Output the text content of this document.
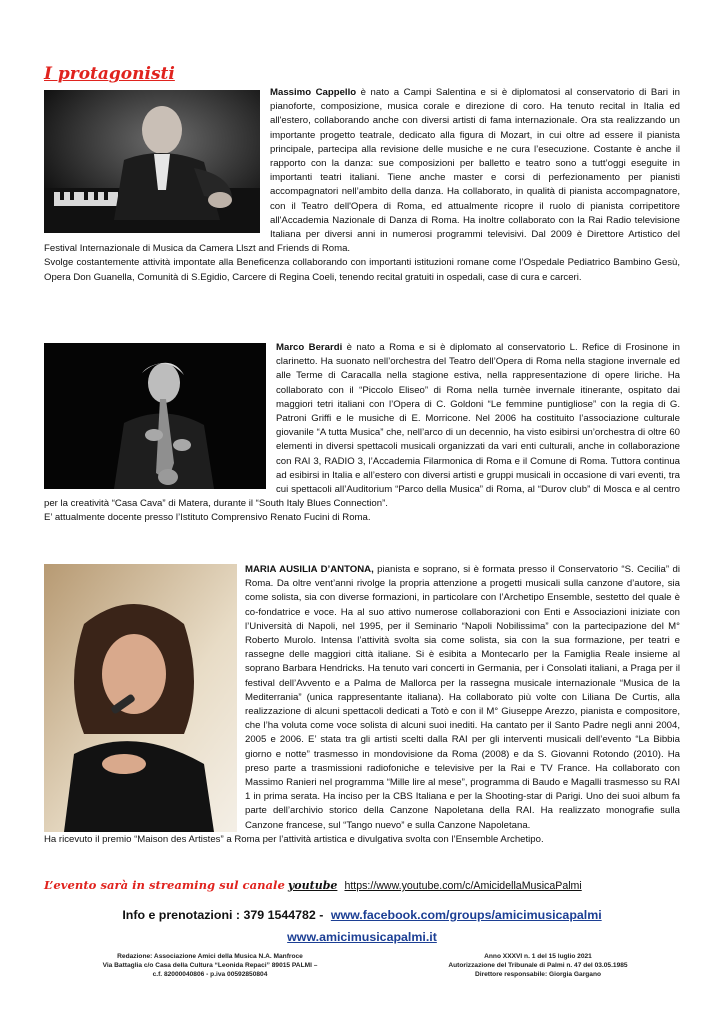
I protagonisti

Massimo Cappello è nato a Campi Salentina e si è diplomatosi al conservatorio di Bari in pianoforte, composizione, musica corale e direzione di coro. Ha tenuto recital in Italia ed all'estero, collaborando anche con diversi artisti di fama internazionale. Ora sta realizzando un importante progetto teatrale, dedicato alla figura di Mozart, in cui oltre ad essere il pianista principale, partecipa alla revisione delle musiche e ne cura l’esecuzione. Costante è anche il rapporto con la danza: sue composizioni per balletto e teatro sono a tutt’oggi eseguite in importanti teatri italiani. Tiene anche master e corsi di perfezionamento per pianisti accompagnatori nell’ambito della danza. Ha collaborato, in qualità di pianista accompagnatore, con il Teatro dell'Opera di Roma, ed attualmente ricopre il ruolo di pianista corripetitore all'Accademia Nazionale di Danza di Roma. Ha inoltre collaborato con la Rai Radio televisione Italiana per diversi anni in numerosi programmi televisivi. Dal 2009 è Direttore Artistico del Festival Internazionale di Musica da Camera Llszt and Friends di Roma.

Svolge costantemente attività impontate alla Beneficenza collaborando con importanti istituzioni romane come l’Ospedale Pediatrico Bambino Gesù, Opera Don Guanella, Comunità di S.Egidio, Carcere di Regina Coeli, tenendo recital gratuiti in ospedali, case di cura e carceri.

Marco Berardi è nato a Roma e si è diplomato al conservatorio L. Refice di Frosinone in clarinetto. Ha suonato nell’orchestra del Teatro dell’Opera di Roma nella stagione invernale ed alle Terme di Caracalla nella stagione estiva, nella rappresentazione di opere liriche. Ha collaborato con il “Piccolo Eliseo” di Roma nella turnèe invernale itinerante, ospitato dai maggiori tetri italiani con l’Opera di C. Goldoni “Le femmine puntigliose” con la regia di G. Patroni Griffi e le musiche di E. Morricone. Nel 2006 ha costituito l’associazione culturale giovanile “A tutta Musica” che, nell’arco di un decennio, ha visto esibirsi un’orchestra di oltre 60 elementi in diversi spettacoli musicali organizzati da vari enti culturali, anche in collaborazione con RAI 3, RADIO 3, l’Accademia Filarmonica di Roma e il Comune di Roma. Tuttora continua ad esibirsi in Italia e all’estero con diversi artisti e gruppi musicali in occasione di vari eventi, tra cui spettacoli all’Auditorium “Parco della Musica” di Roma, al “Durov club” di Mosca e al centro per la creatività “Casa Cava” di Matera, durante il “South Italy Blues Connection”.

E’ attualmente docente presso l’Istituto Comprensivo Renato Fucini di Roma.

MARIA AUSILIA D’ANTONA, pianista e soprano, si è formata presso il Conservatorio “S. Cecilia” di Roma. Da oltre vent’anni rivolge la propria attenzione a progetti musicali sulla canzone d’autore, sia come solista, sia con diverse formazioni, in particolare con l’Archetipo Ensemble, sestetto del quale è co-fondatrice e voce. Ha al suo attivo numerose collaborazioni con Enti e Associazioni iniziate con l’Università di Napoli, nel 1995, per il Seminario “Napoli Nobilissima” con la partecipazione del M° Roberto Murolo. Intensa l’attività svolta sia come solista, sia con la sua formazione, per teatri e rassegne delle maggiori città italiane. Si è esibita a Montecarlo per la Famiglia Reale insieme al soprano Barbara Hendricks. Ha tenuto vari concerti in Germania, per i Consolati italiani, a Praga per il festival dell’Avvento e a Palma de Mallorca per la rassegna musicale internazionale “Musica de la Mediterrania” (unica rappresentante italiana). Ha collaborato più volte con Liliana De Curtis, alla realizzazione di alcuni spettacoli dedicati a Totò e con il M° Giuseppe Arezzo, pianista e compositore, che l’ha voluta come voce solista di alcuni suoi inediti. Ha cantato per il Santo Padre negli anni 2004, 2005 e 2006. E’ stata tra gli artisti scelti dalla RAI per gli interventi musicali dell’evento “La Bibbia giorno e notte” trasmesso in mondovisione da Roma (2008) e da S. Giovanni Rotondo (2010). Ha preso parte a trasmissioni radiofoniche e televisive per la Rai e TV France. Ha collaborato con Massimo Ranieri nel programma “Mille lire al mese”, programma di Baudo e Magalli trasmesso su RAI 1 in prima serata. Ha inciso per la CBS Italiana e per la Shooting-star di Parigi. Uno dei suoi album fa parte dell’archivio storico della Canzone Napoletana della RAI. Ha realizzato monografie sulla Canzone francese, sul “Tango nuevo” e sulla Canzone Napoletana.

Ha ricevuto il premio “Maison des Artistes” a Roma per l’attività artistica e divulgativa svolta con l’Ensemble Archetipo.

L’evento sarà in streaming sul canale youtube https://www.youtube.com/c/AmicidellaMusicaPalmi
Info e prenotazioni : 379 1544782 - www.facebook.com/groups/amicimusicapalmi
www.amicimusicapalmi.it
Redazione: Associazione Amici della Musica N.A. Manfroce
Via Battaglia c/o Casa della Cultura “Leonida Repaci” 89015 PALMI –
c.f. 82000040806 - p.iva 00592850804
Anno XXXVI n. 1 del 15 luglio 2021
Autorizzazione del Tribunale di Palmi n. 47 del 03.05.1985
Direttore responsabile: Giorgia Gargano
